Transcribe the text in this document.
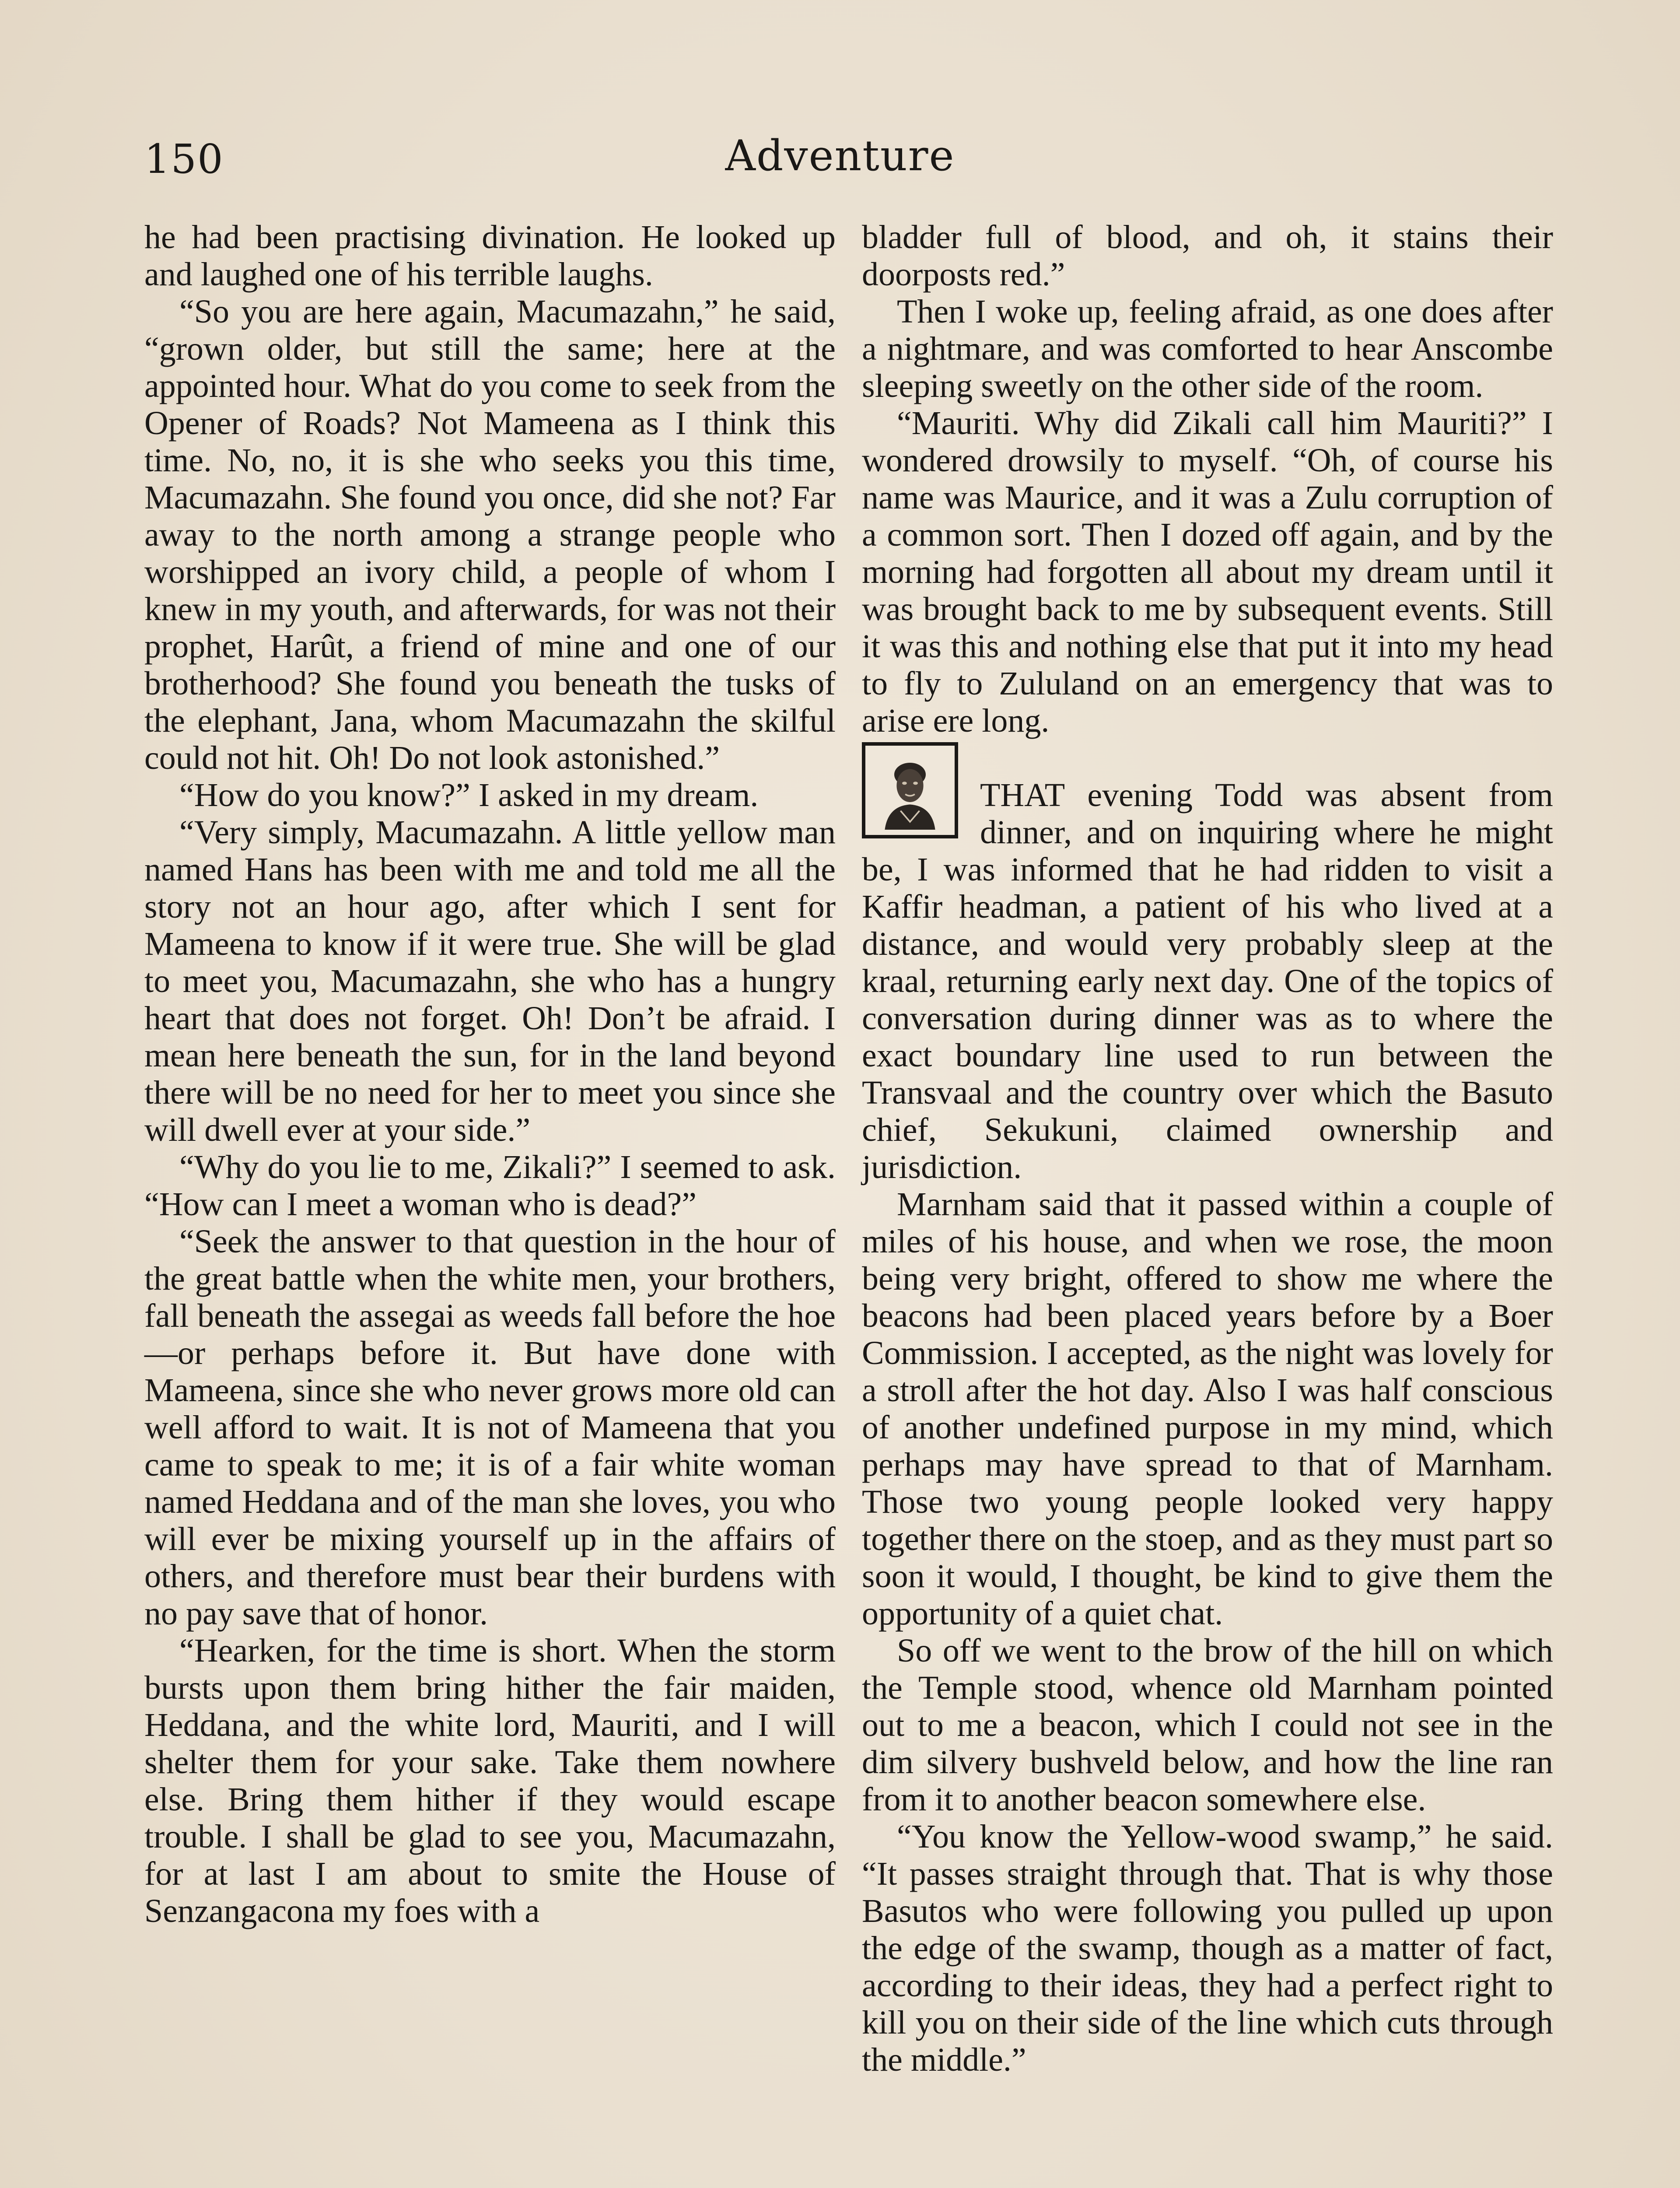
150	Adventure

he had been practising divination. He looked up and laughed one of his terrible laughs.

“So you are here again, Macumazahn,” he said, “grown older, but still the same; here at the appointed hour. What do you come to seek from the Opener of Roads? Not Mameena as I think this time. No, no, it is she who seeks you this time, Macumazahn. She found you once, did she not? Far away to the north among a strange people who worshipped an ivory child, a people of whom I knew in my youth, and afterwards, for was not their prophet, Harût, a friend of mine and one of our brotherhood? She found you beneath the tusks of the elephant, Jana, whom Macumazahn the skilful could not hit. Oh! Do not look astonished.”

“How do you know?” I asked in my dream.

“Very simply, Macumazahn. A little yellow man named Hans has been with me and told me all the story not an hour ago, after which I sent for Mameena to know if it were true. She will be glad to meet you, Macumazahn, she who has a hungry heart that does not forget. Oh! Don’t be afraid. I mean here beneath the sun, for in the land beyond there will be no need for her to meet you since she will dwell ever at your side.”

“Why do you lie to me, Zikali?” I seemed to ask. “How can I meet a woman who is dead?”

“Seek the answer to that question in the hour of the great battle when the white men, your brothers, fall beneath the assegai as weeds fall before the hoe—or perhaps before it. But have done with Mameena, since she who never grows more old can well afford to wait. It is not of Mameena that you came to speak to me; it is of a fair white woman named Heddana and of the man she loves, you who will ever be mixing yourself up in the affairs of others, and therefore must bear their burdens with no pay save that of honor.

“Hearken, for the time is short. When the storm bursts upon them bring hither the fair maiden, Heddana, and the white lord, Mauriti, and I will shelter them for your sake. Take them nowhere else. Bring them hither if they would escape trouble. I shall be glad to see you, Macumazahn, for at last I am about to smite the House of Senzangacona my foes with a

bladder full of blood, and oh, it stains their doorposts red.”

Then I woke up, feeling afraid, as one does after a nightmare, and was comforted to hear Anscombe sleeping sweetly on the other side of the room.

“Mauriti. Why did Zikali call him Mauriti?” I wondered drowsily to myself. “Oh, of course his name was Maurice, and it was a Zulu corruption of a common sort. Then I dozed off again, and by the morning had forgotten all about my dream until it was brought back to me by subsequent events. Still it was this and nothing else that put it into my head to fly to Zululand on an emergency that was to arise ere long.

THAT evening Todd was absent from dinner, and on inquiring where he might be, I was informed that he had ridden to visit a Kaffir headman, a patient of his who lived at a distance, and would very probably sleep at the kraal, returning early next day. One of the topics of conversation during dinner was as to where the exact boundary line used to run between the Transvaal and the country over which the Basuto chief, Sekukuni, claimed ownership and jurisdiction.

Marnham said that it passed within a couple of miles of his house, and when we rose, the moon being very bright, offered to show me where the beacons had been placed years before by a Boer Commission. I accepted, as the night was lovely for a stroll after the hot day. Also I was half conscious of another undefined purpose in my mind, which perhaps may have spread to that of Marnham. Those two young people looked very happy together there on the stoep, and as they must part so soon it would, I thought, be kind to give them the opportunity of a quiet chat.

So off we went to the brow of the hill on which the Temple stood, whence old Marnham pointed out to me a beacon, which I could not see in the dim silvery bushveld below, and how the line ran from it to another beacon somewhere else.

“You know the Yellow-wood swamp,” he said. “It passes straight through that. That is why those Basutos who were following you pulled up upon the edge of the swamp, though as a matter of fact, according to their ideas, they had a perfect right to kill you on their side of the line which cuts through the middle.”
